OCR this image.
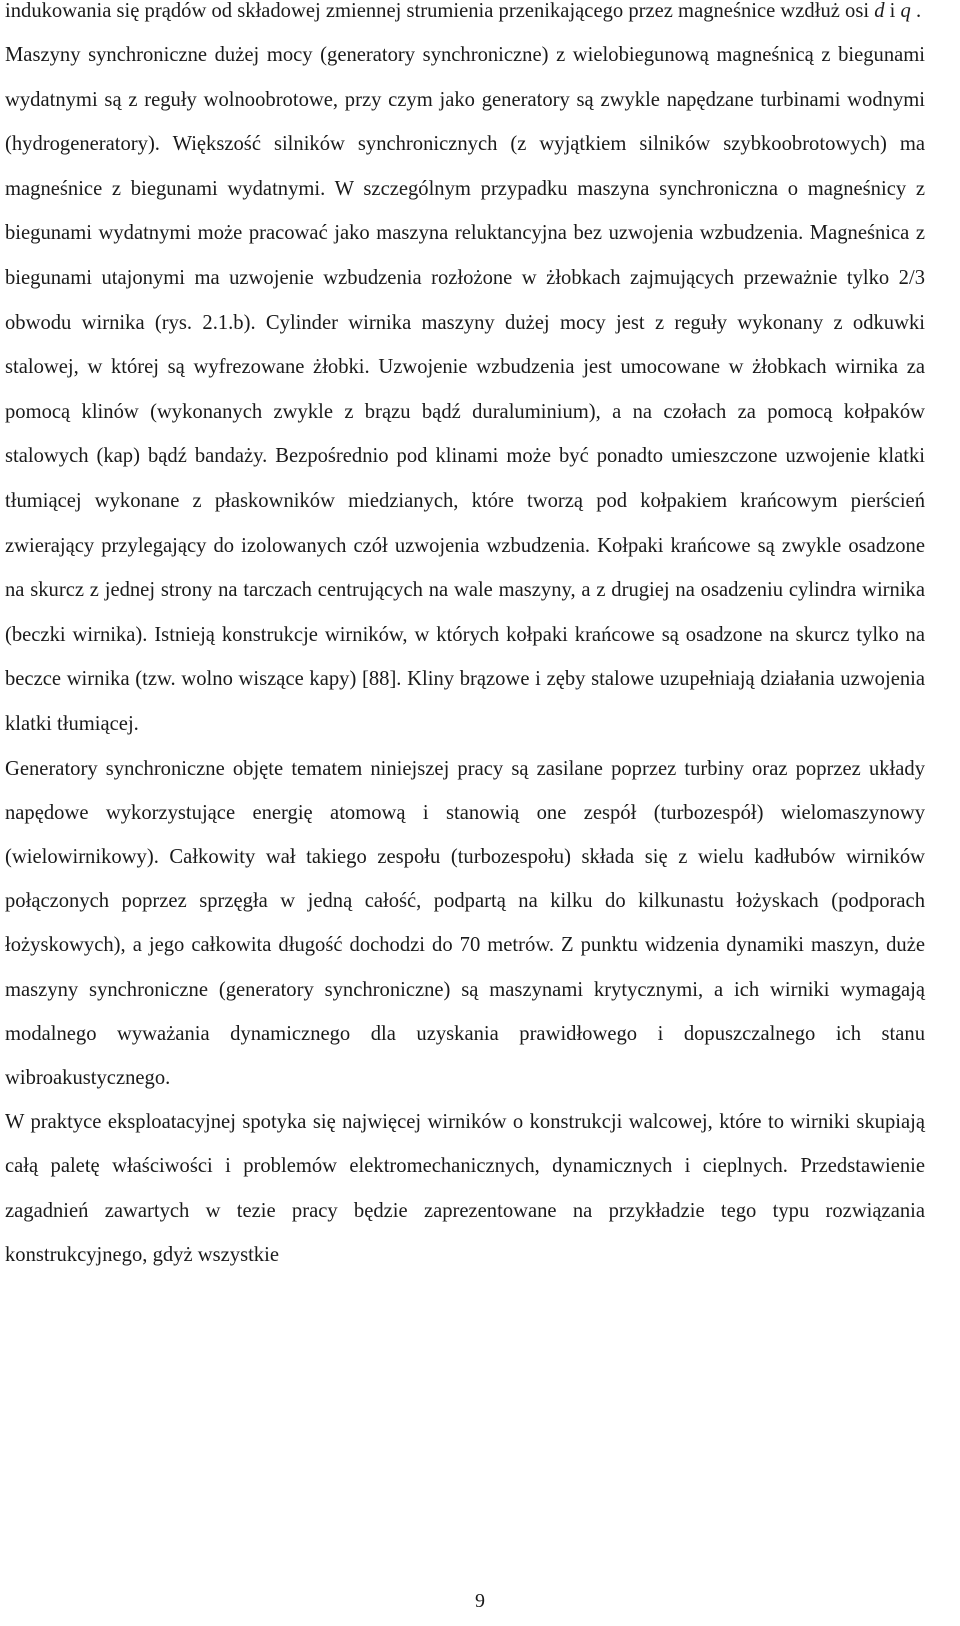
indukowania się prądów od składowej zmiennej strumienia przenikającego przez magneśnice wzdłuż osi d i q .

Maszyny synchroniczne dużej mocy (generatory synchroniczne) z wielobiegunową magneśnicą z biegunami wydatnymi są z reguły wolnoobrotowe, przy czym jako generatory są zwykle napędzane turbinami wodnymi (hydrogeneratory). Większość silników synchronicznych (z wyjątkiem silników szybkoobrotowych) ma magneśnice z biegunami wydatnymi. W szczególnym przypadku maszyna synchroniczna o magneśnicy z biegunami wydatnymi może pracować jako maszyna reluktancyjna bez uzwojenia wzbudzenia. Magneśnica z biegunami utajonymi ma uzwojenie wzbudzenia rozłożone w żłobkach zajmujących przeważnie tylko 2/3 obwodu wirnika (rys. 2.1.b). Cylinder wirnika maszyny dużej mocy jest z reguły wykonany z odkuwki stalowej, w której są wyfrezowane żłobki. Uzwojenie wzbudzenia jest umocowane w żłobkach wirnika za pomocą klinów (wykonanych zwykle z brązu bądź duraluminium), a na czołach za pomocą kołpaków stalowych (kap) bądź bandaży. Bezpośrednio pod klinami może być ponadto umieszczone uzwojenie klatki tłumiącej wykonane z płaskowników miedzianych, które tworzą pod kołpakiem krańcowym pierścień zwierający przylegający do izolowanych czół uzwojenia wzbudzenia. Kołpaki krańcowe są zwykle osadzone na skurcz z jednej strony na tarczach centrujących na wale maszyny, a z drugiej na osadzeniu cylindra wirnika (beczki wirnika). Istnieją konstrukcje wirników, w których kołpaki krańcowe są osadzone na skurcz tylko na beczce wirnika (tzw. wolno wiszące kapy) [88]. Kliny brązowe i zęby stalowe uzupełniają działania uzwojenia klatki tłumiącej.

Generatory synchroniczne objęte tematem niniejszej pracy są zasilane poprzez turbiny oraz poprzez układy napędowe wykorzystujące energię atomową i stanowią one zespół (turbozespół) wielomaszynowy (wielowirnikowy). Całkowity wał takiego zespołu (turbozespołu) składa się z wielu kadłubów wirników połączonych poprzez sprzęgła w jedną całość, podpartą na kilku do kilkunastu łożyskach (podporach łożyskowych), a jego całkowita długość dochodzi do 70 metrów. Z punktu widzenia dynamiki maszyn, duże maszyny synchroniczne (generatory synchroniczne) są maszynami krytycznymi, a ich wirniki wymagają modalnego wyważania dynamicznego dla uzyskania prawidłowego i dopuszczalnego ich stanu wibroakustycznego.

W praktyce eksploatacyjnej spotyka się najwięcej wirników o konstrukcji walcowej, które to wirniki skupiają całą paletę właściwości i problemów elektromechanicznych, dynamicznych i cieplnych. Przedstawienie zagadnień zawartych w tezie pracy będzie zaprezentowane na przykładzie tego typu rozwiązania konstrukcyjnego, gdyż wszystkie

9
